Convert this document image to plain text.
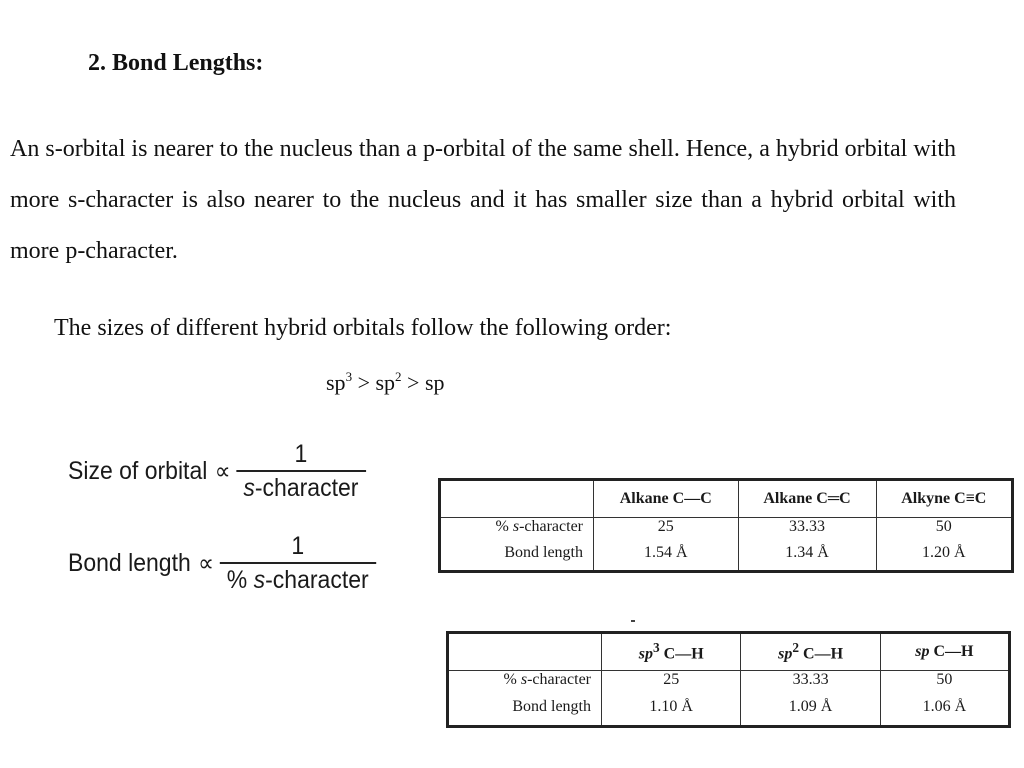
2. Bond Lengths:

An s-orbital is nearer to the nucleus than a p-orbital of the same shell. Hence, a hybrid orbital with more s-character is also nearer to the nucleus and it has smaller size than a hybrid orbital with more p-character.

The sizes of different hybrid orbitals follow the following order:

$sp^3 > sp^2$ > sp

Size of orbital ∝ $\frac{1}{\text{s-character}}$
Bond length ∝ $\frac{1}{\text{\% s-character}}$
	Alkane C—C	Alkane C═C	Alkyne C≡C
% s-character	25	33.33	50
Bond length	1.54 Å	1.34 Å	1.20 Å
	$sp^3$ C—H	$sp^2$ C—H	sp C—H
% s-character	25	33.33	50
Bond length	1.10 Å	1.09 Å	1.06 Å
